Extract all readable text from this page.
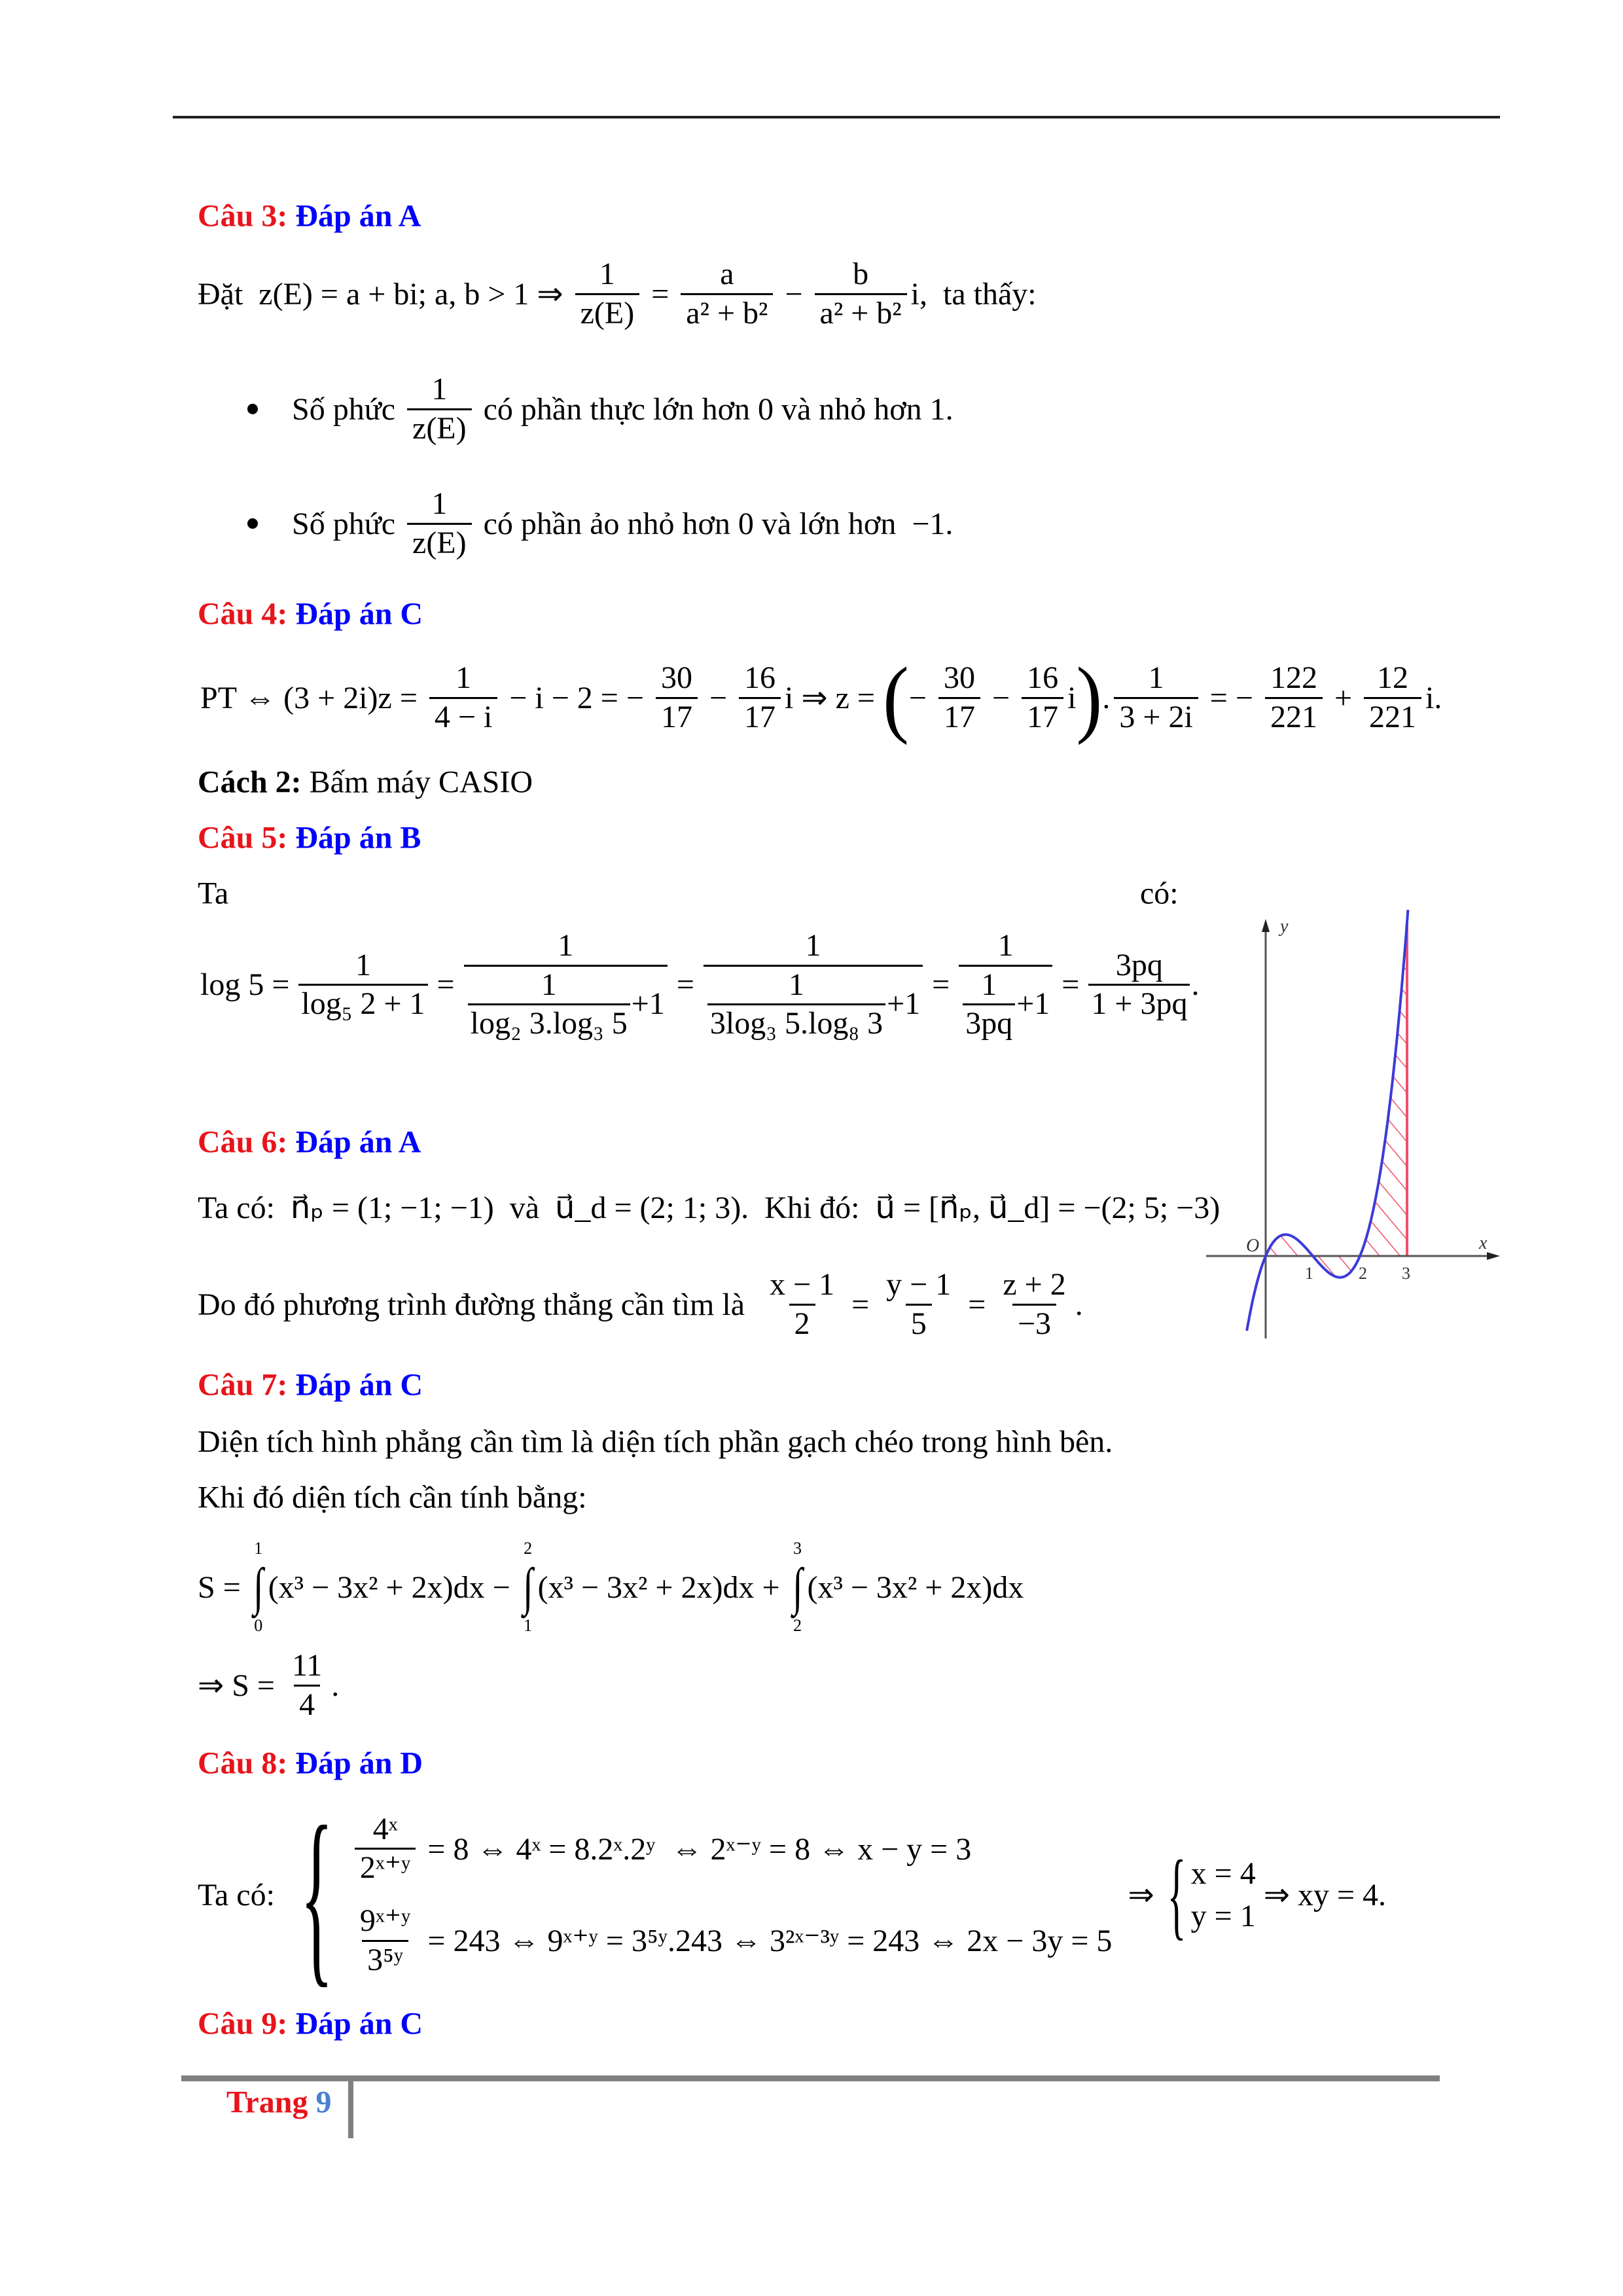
Câu 3: Đáp án A
Đặt  z(E) = a + bi; a, b > 1 ⇒ $\frac{1}{z(E)} = \frac{a}{\text{a² + b²}} - \frac{b}{\text{a² + b²}} i$,  ta thấy:
Số phức $\frac{1}{z(E)}$ có phần thực lớn hơn 0 và nhỏ hơn 1.
Số phức $\frac{1}{z(E)}$ có phần ảo nhỏ hơn 0 và lớn hơn  −1.
Câu 4: Đáp án C
PT ⇔ $(3 + 2i)z = \frac{1}{4 - i} - i - 2$ = − $\frac{30}{17} - \frac{16}{17}$ i ⇒ z = ( − $\frac{30}{17} - \frac{16}{17}$ i ) . $\frac{1}{3 + 2i}$ = − $\frac{122}{221} + \frac{12}{221} i$.
Cách 2: Bấm máy CASIO
Câu 5: Đáp án B
Ta	có:
$\log 5 = \frac{1}{\text{log₅ 2 + 1}} = \frac{1}{\frac{1}{\text{log₂ 3.log₃ 5}} +1} = \frac{1}{\frac{1}{\text{3log₃ 5.log₈ 3}} +1} = \frac{1}{\frac{1}{3pq} +1} = \frac{3pq}{1 + 3pq}$ .
O	x
y
1	2 3
Câu 6: Đáp án A
Ta có:  n⃗ₚ = (1; −1; −1)  và  u⃗_d = (2; 1; 3).  Khi đó:  u⃗ = [n⃗ₚ, u⃗_d] = −(2; 5; −3)
Do đó phương trình đường thẳng cần tìm là $\frac{x - 1}{2} = \frac{y - 1}{5} = \frac{z + 2}{-3}$ .
Câu 7: Đáp án C
Diện tích hình phẳng cần tìm là diện tích phần gạch chéo trong hình bên.
Khi đó diện tích cần tính bằng:
S =
1
∫
0
(x³ − 3x² + 2x)dx −
2
∫
1
(x³ − 3x² + 2x)dx +
3
∫
2
(x³ − 3x² + 2x)dx
⇒ $S = \frac{11}{4}$ .
Câu 8: Đáp án D
Ta có: { $\frac{\text{4ˣ}}{\text{2ˣ⁺ʸ}} = 8$ ⇔ 4ˣ = 8.2ˣ.2ʸ  ⇔ 2ˣ⁻ʸ = 8 ⇔ x − y = 3
$\frac{\text{9ˣ⁺ʸ}}{\text{3⁵ʸ}} = 243$ ⇔ 9ˣ⁺ʸ = 3⁵ʸ.243 ⇔ 3²ˣ⁻³ʸ = 243 ⇔ 2x − 3y = 5
⇒ { x = 4
y = 1
⇒ xy = 4.
Câu 9: Đáp án C
Trang 9
